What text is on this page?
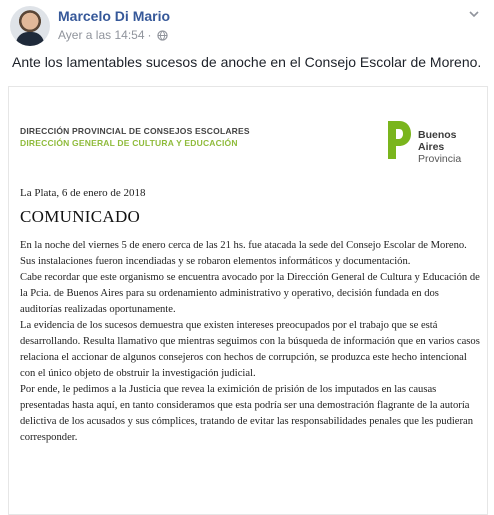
Marcelo Di Mario
Ayer a las 14:54 ·
Ante los lamentables sucesos de anoche en el Consejo Escolar de Moreno.
DIRECCIÓN PROVINCIAL DE CONSEJOS ESCOLARES
DIRECCIÓN GENERAL DE CULTURA Y EDUCACIÓN
Buenos Aires
Provincia
La Plata, 6 de enero de 2018
COMUNICADO

En la noche del viernes 5 de enero cerca de las 21 hs. fue atacada la sede del Consejo Escolar de Moreno. Sus instalaciones fueron incendiadas y se robaron elementos informáticos y documentación.

Cabe recordar que este organismo se encuentra avocado por la Dirección General de Cultura y Educación de la Pcia. de Buenos Aires para su ordenamiento administrativo y operativo, decisión fundada en dos auditorías realizadas oportunamente.

La evidencia de los sucesos demuestra que existen intereses preocupados por el trabajo que se está desarrollando. Resulta llamativo que mientras seguimos con la búsqueda de información que en varios casos relaciona el accionar de algunos consejeros con hechos de corrupción, se produzca este hecho intencional con el único objeto de obstruir la investigación judicial.

Por ende, le pedimos a la Justicia que revea la eximición de prisión de los imputados en las causas presentadas hasta aquí, en tanto consideramos que esta podría ser una demostración flagrante de la autoría delictiva de los acusados y sus cómplices, tratando de evitar las responsabilidades penales que les pudieran corresponder.
